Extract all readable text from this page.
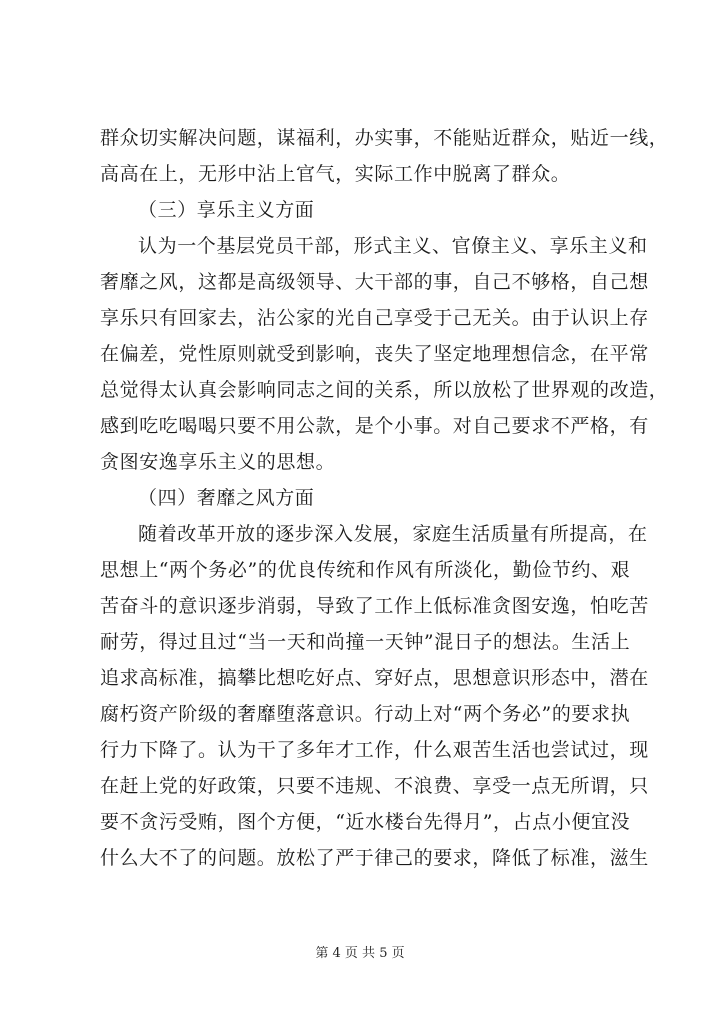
群众切实解决问题，谋福利，办实事，不能贴近群众，贴近一线，
高高在上，无形中沾上官气，实际工作中脱离了群众。
（三）享乐主义方面
认为一个基层党员干部，形式主义、官僚主义、享乐主义和
奢靡之风，这都是高级领导、大干部的事，自己不够格，自己想
享乐只有回家去，沾公家的光自己享受于己无关。由于认识上存
在偏差，党性原则就受到影响，丧失了坚定地理想信念，在平常
总觉得太认真会影响同志之间的关系，所以放松了世界观的改造，
感到吃吃喝喝只要不用公款，是个小事。对自己要求不严格，有
贪图安逸享乐主义的思想。
（四）奢靡之风方面
随着改革开放的逐步深入发展，家庭生活质量有所提高，在
思想上“两个务必”的优良传统和作风有所淡化，勤俭节约、艰
苦奋斗的意识逐步消弱，导致了工作上低标准贪图安逸，怕吃苦
耐劳，得过且过“当一天和尚撞一天钟”混日子的想法。生活上
追求高标准，搞攀比想吃好点、穿好点，思想意识形态中，潜在
腐朽资产阶级的奢靡堕落意识。行动上对“两个务必”的要求执
行力下降了。认为干了多年才工作，什么艰苦生活也尝试过，现
在赶上党的好政策，只要不违规、不浪费、享受一点无所谓，只
要不贪污受贿，图个方便，“近水楼台先得月”，占点小便宜没
什么大不了的问题。放松了严于律己的要求，降低了标准，滋生
第 4 页 共 5 页
